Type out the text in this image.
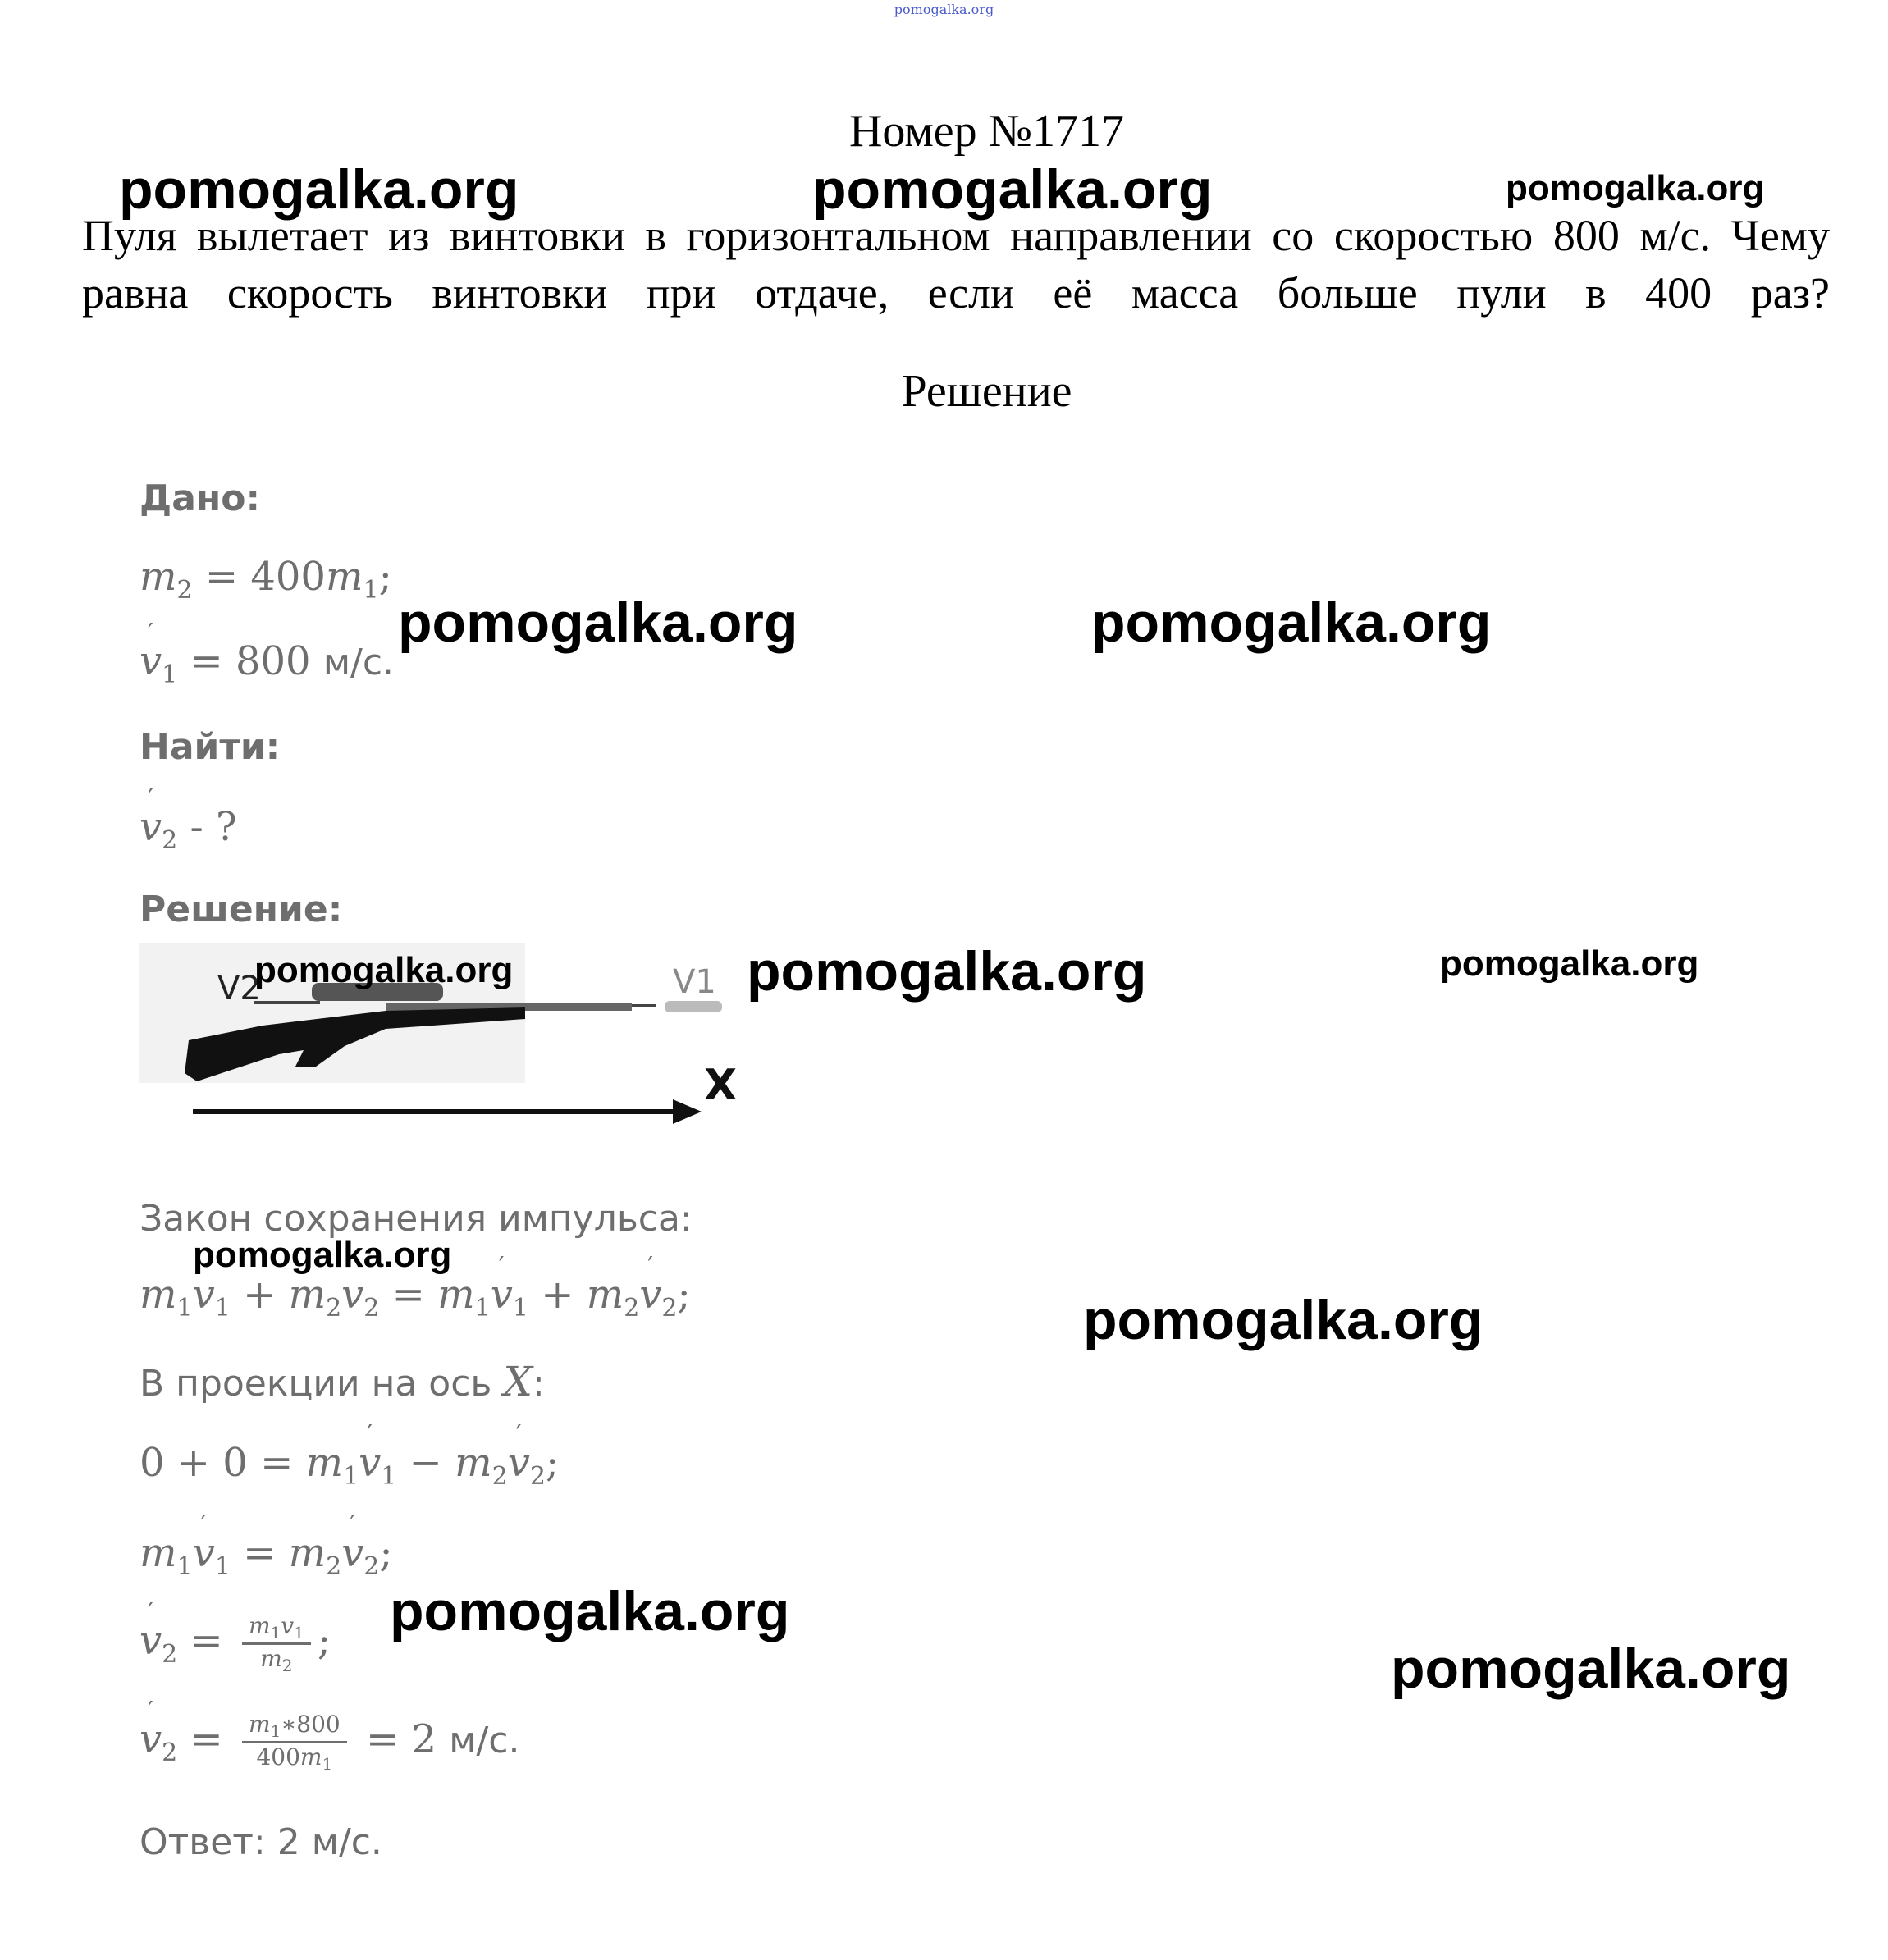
pomogalka.org
Номер №1717
Пуля вылетает из винтовки в горизонтальном направлении со скоростью 800 м/с. Чему равна скорость винтовки при отдаче, если её масса больше пули в 400 раз?
Решение
Дано:
$m_2 = 400m_1$;
′ $v_1 = 800$ м/с.
Найти:
′ $v_2$ - ?
Решение:
V2	V1
X
Закон сохранения импульса:
$m_1v_1 + m_2v_2 = m_1'$ $v_1 + m_2'$ $v_2$;
В проекции на ось X:
$0 + 0 = m_1'$ $v_1 - m_2'$ $v_2$;
$m_1'$ $v_1 = m_2'$ $v_2$;
′ $v_2 = \frac{m_1v_1}{m_2}$ ;
′ $v_2 = \frac{m_1∗800}{400m_1} = 2$ м/с.
Ответ: 2 м/с.
pomogalka.org	pomogalka.org	pomogalka.org
pomogalka.org	pomogalka.org
pomogalka.org	pomogalka.org	pomogalka.org
pomogalka.org
pomogalka.org
pomogalka.org
pomogalka.org
